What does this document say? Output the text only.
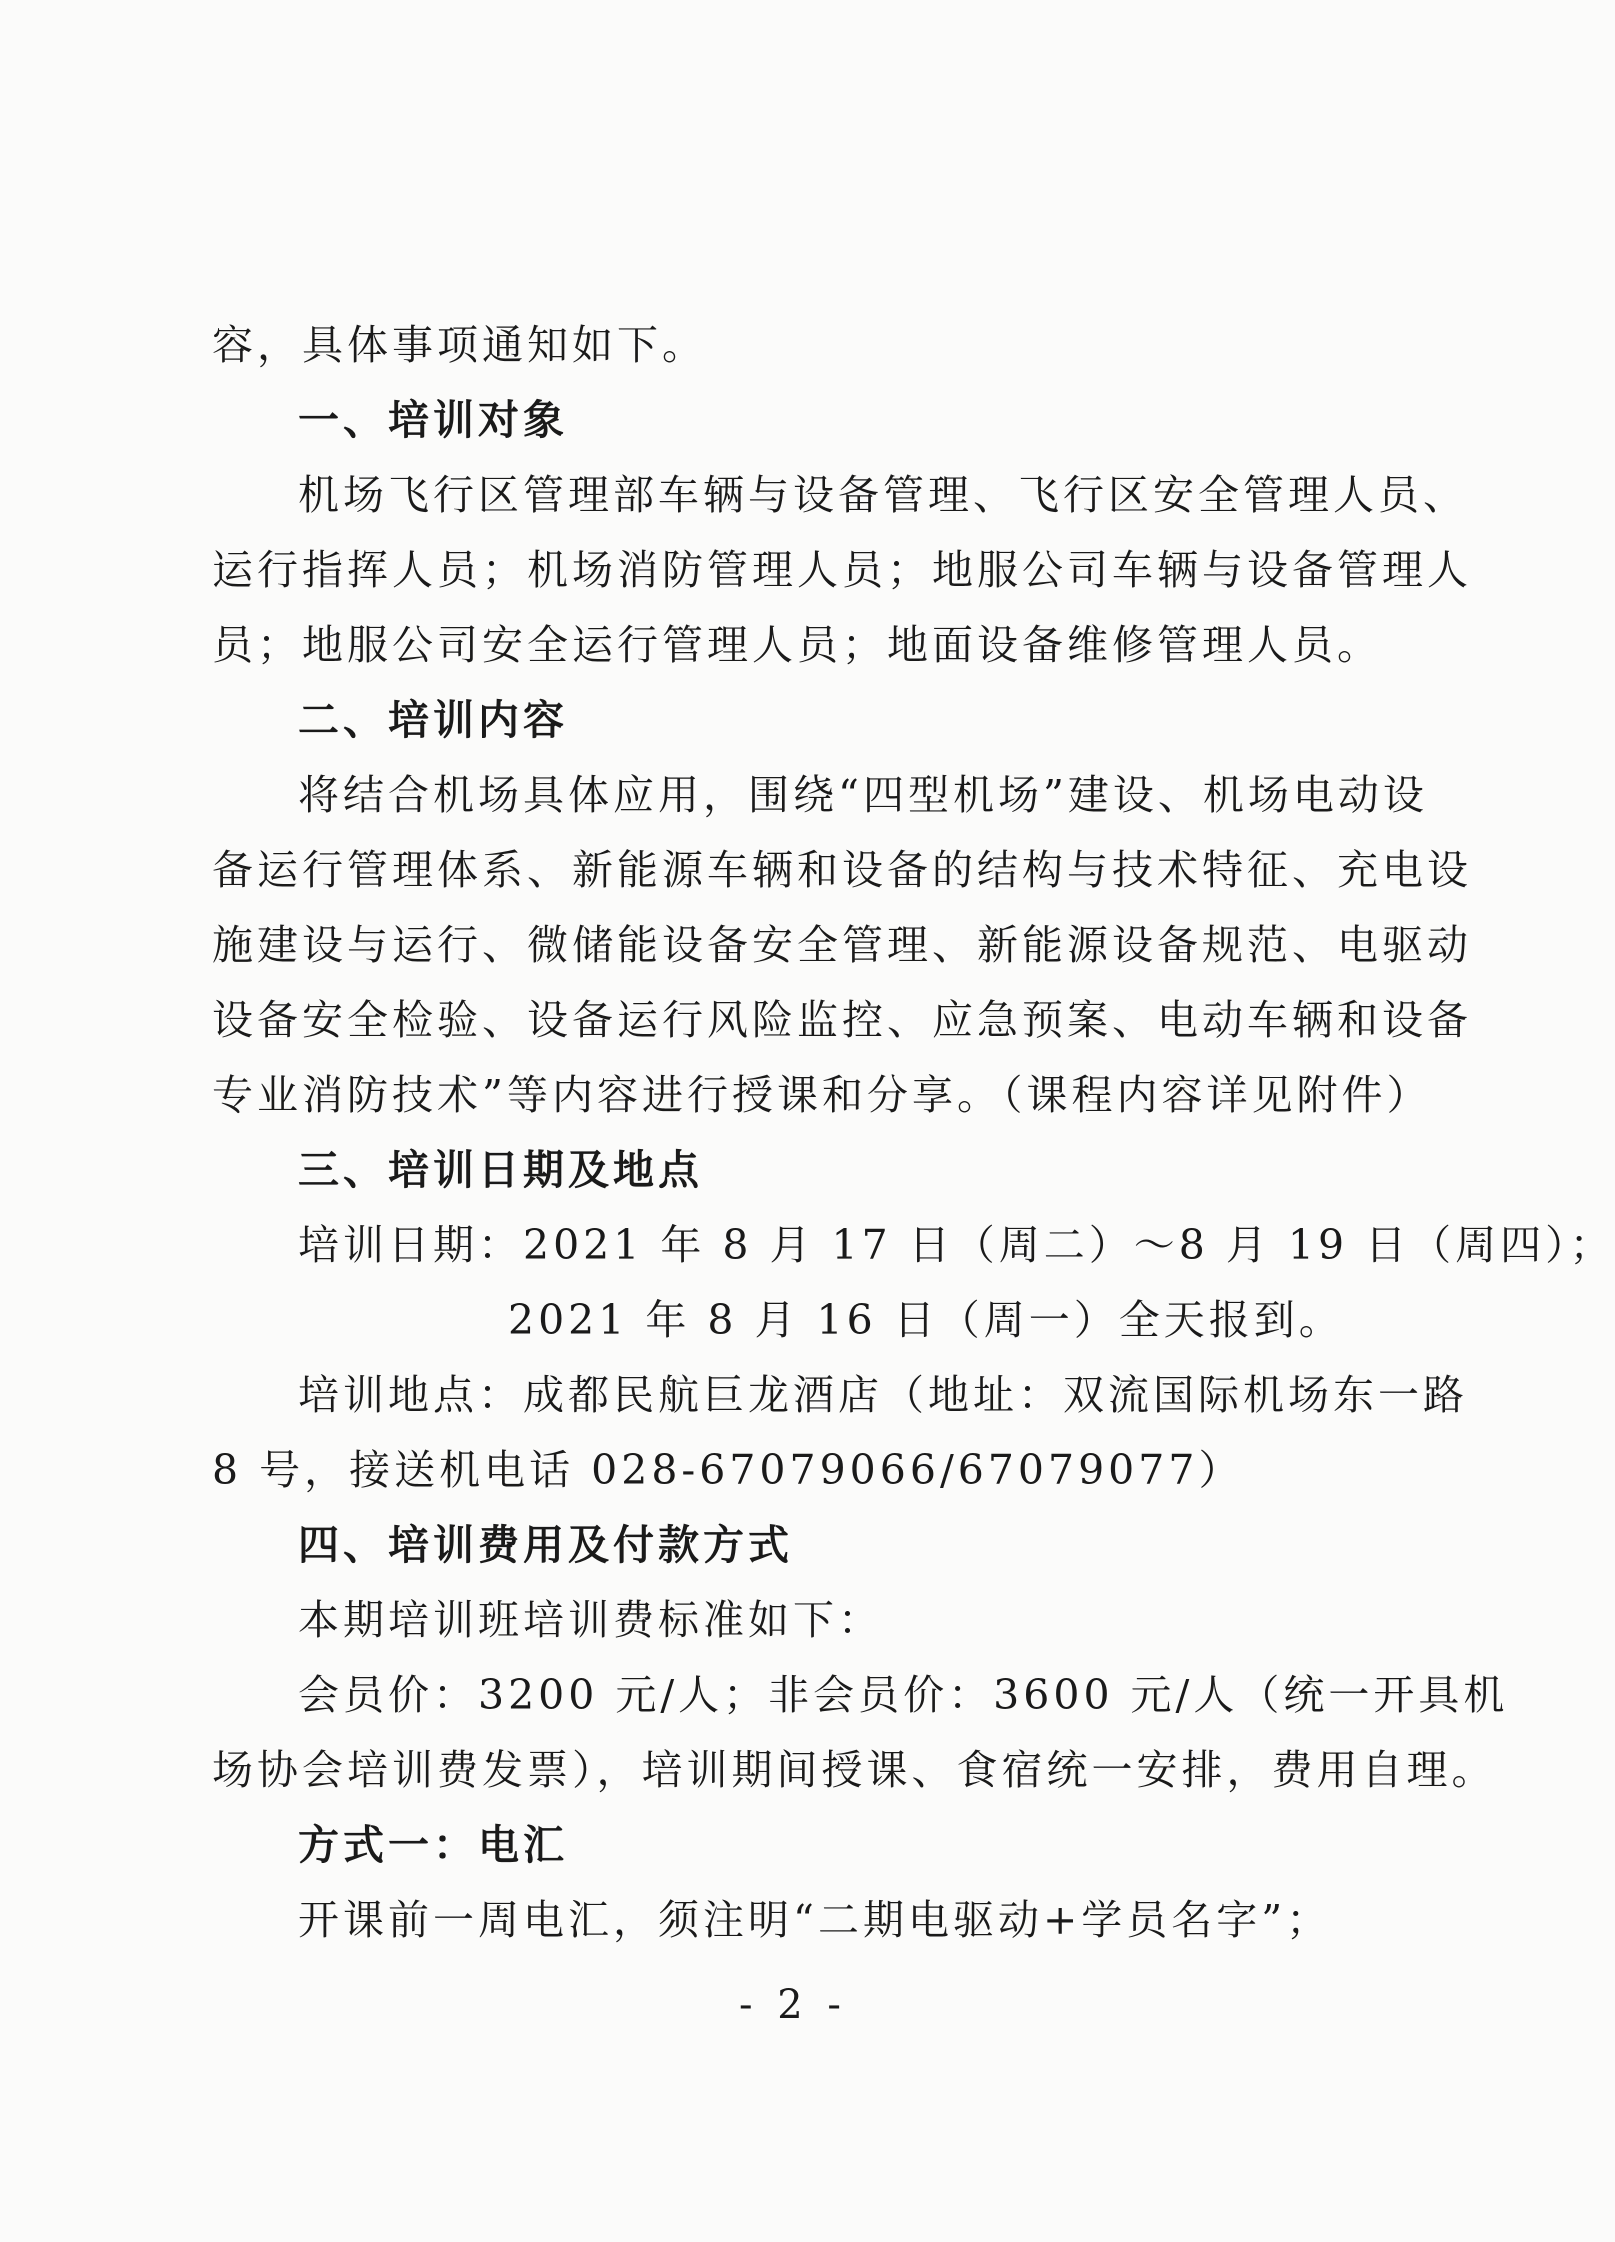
容，具体事项通知如下。
一、培训对象
机场飞行区管理部车辆与设备管理、飞行区安全管理人员、
运行指挥人员；机场消防管理人员；地服公司车辆与设备管理人
员；地服公司安全运行管理人员；地面设备维修管理人员。
二、培训内容
将结合机场具体应用，围绕“四型机场”建设、机场电动设
备运行管理体系、新能源车辆和设备的结构与技术特征、充电设
施建设与运行、微储能设备安全管理、新能源设备规范、电驱动
设备安全检验、设备运行风险监控、应急预案、电动车辆和设备
专业消防技术”等内容进行授课和分享。（课程内容详见附件）
三、培训日期及地点
培训日期：2021 年 8 月 17 日（周二）～8 月 19 日（周四）；
2021 年 8 月 16 日（周一）全天报到。
培训地点：成都民航巨龙酒店（地址：双流国际机场东一路
8 号，接送机电话 028-67079066/67079077）
四、培训费用及付款方式
本期培训班培训费标准如下：
会员价：3200 元/人；非会员价：3600 元/人（统一开具机
场协会培训费发票），培训期间授课、食宿统一安排，费用自理。
方式一：电汇
开课前一周电汇，须注明“二期电驱动+学员名字”；
- 2 -
